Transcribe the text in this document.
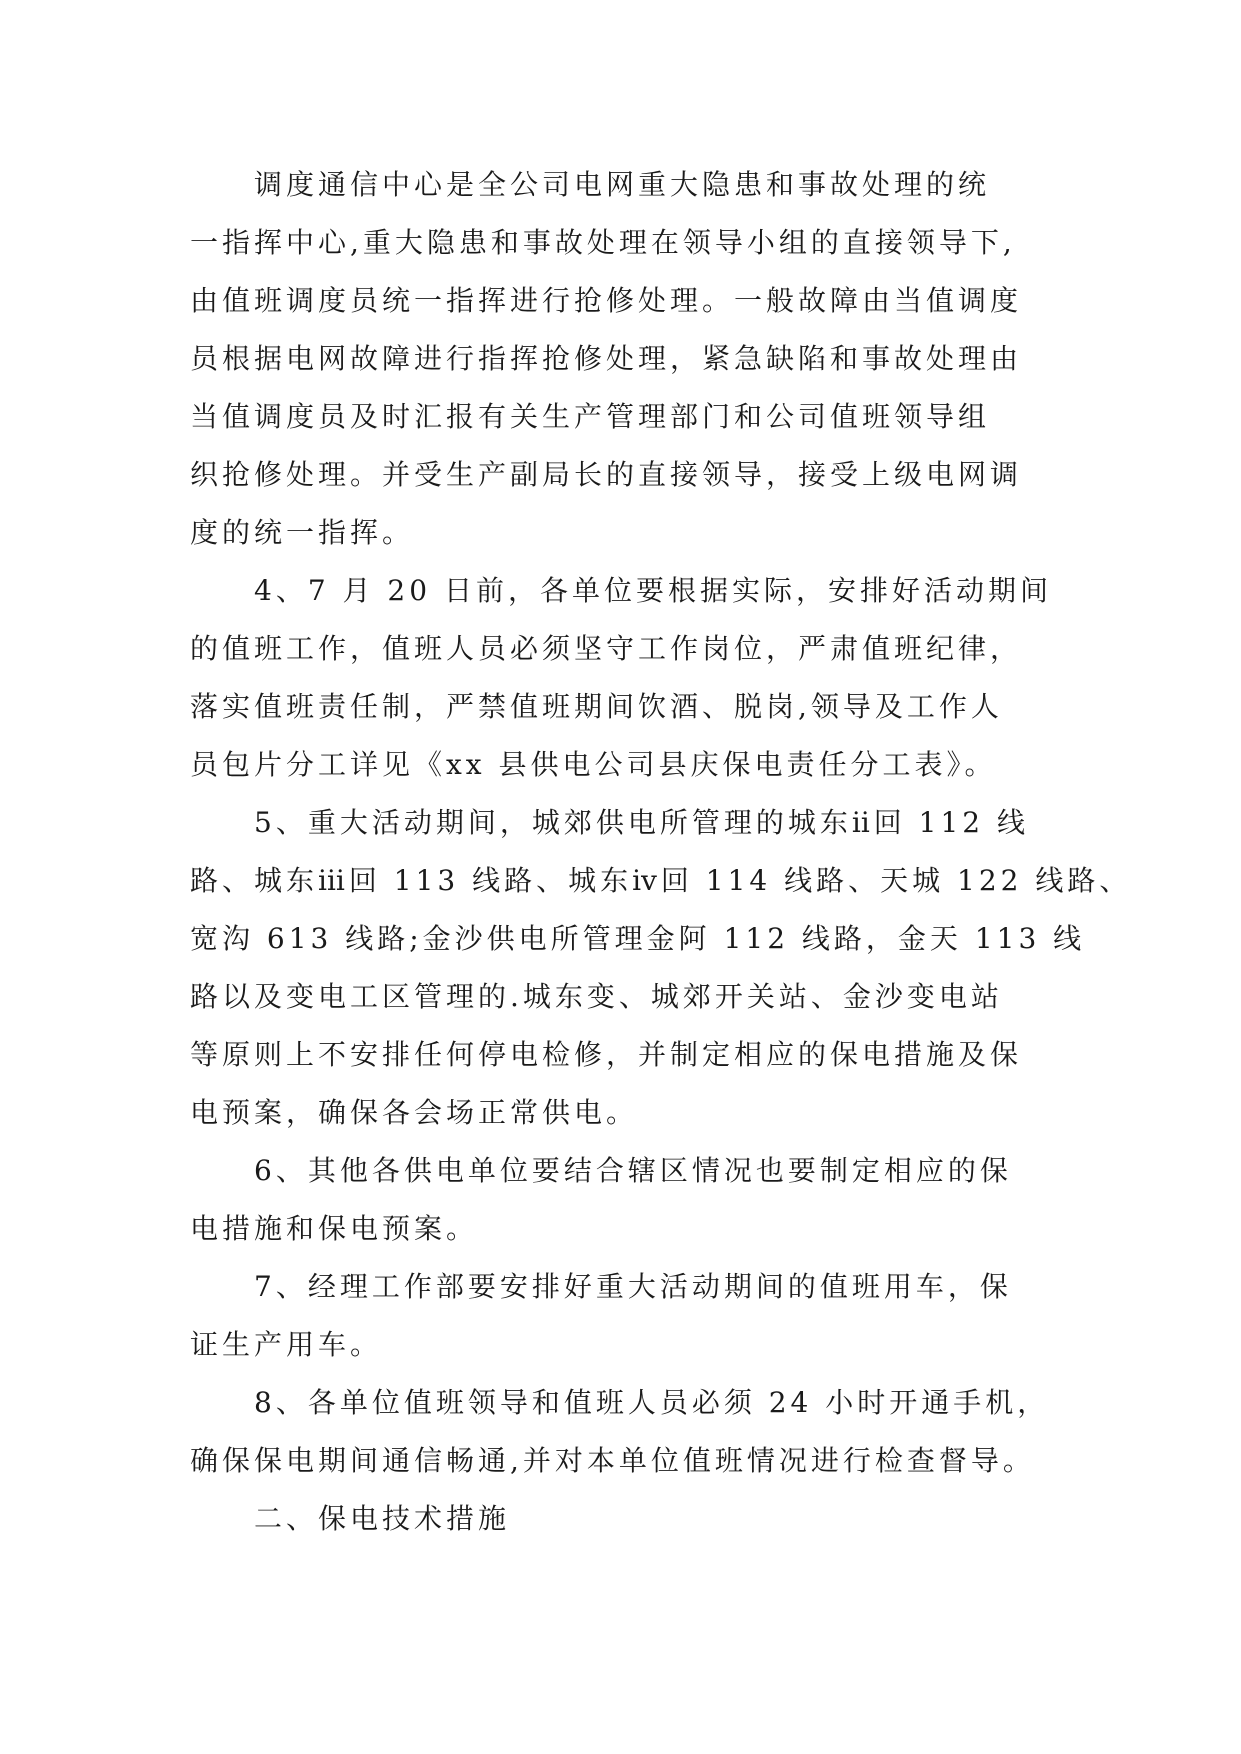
调度通信中心是全公司电网重大隐患和事故处理的统
一指挥中心,重大隐患和事故处理在领导小组的直接领导下,
由值班调度员统一指挥进行抢修处理。一般故障由当值调度
员根据电网故障进行指挥抢修处理，紧急缺陷和事故处理由
当值调度员及时汇报有关生产管理部门和公司值班领导组
织抢修处理。并受生产副局长的直接领导，接受上级电网调
度的统一指挥。
4、7 月 20 日前，各单位要根据实际，安排好活动期间
的值班工作，值班人员必须坚守工作岗位，严肃值班纪律，
落实值班责任制，严禁值班期间饮酒、脱岗,领导及工作人
员包片分工详见《xx 县供电公司县庆保电责任分工表》。
5、重大活动期间，城郊供电所管理的城东ⅱ回 112 线
路、城东ⅲ回 113 线路、城东ⅳ回 114 线路、天城 122 线路、
宽沟 613 线路;金沙供电所管理金阿 112 线路，金天 113 线
路以及变电工区管理的.城东变、城郊开关站、金沙变电站
等原则上不安排任何停电检修，并制定相应的保电措施及保
电预案，确保各会场正常供电。
6、其他各供电单位要结合辖区情况也要制定相应的保
电措施和保电预案。
7、经理工作部要安排好重大活动期间的值班用车，保
证生产用车。
8、各单位值班领导和值班人员必须 24 小时开通手机，
确保保电期间通信畅通,并对本单位值班情况进行检查督导。
二、保电技术措施
